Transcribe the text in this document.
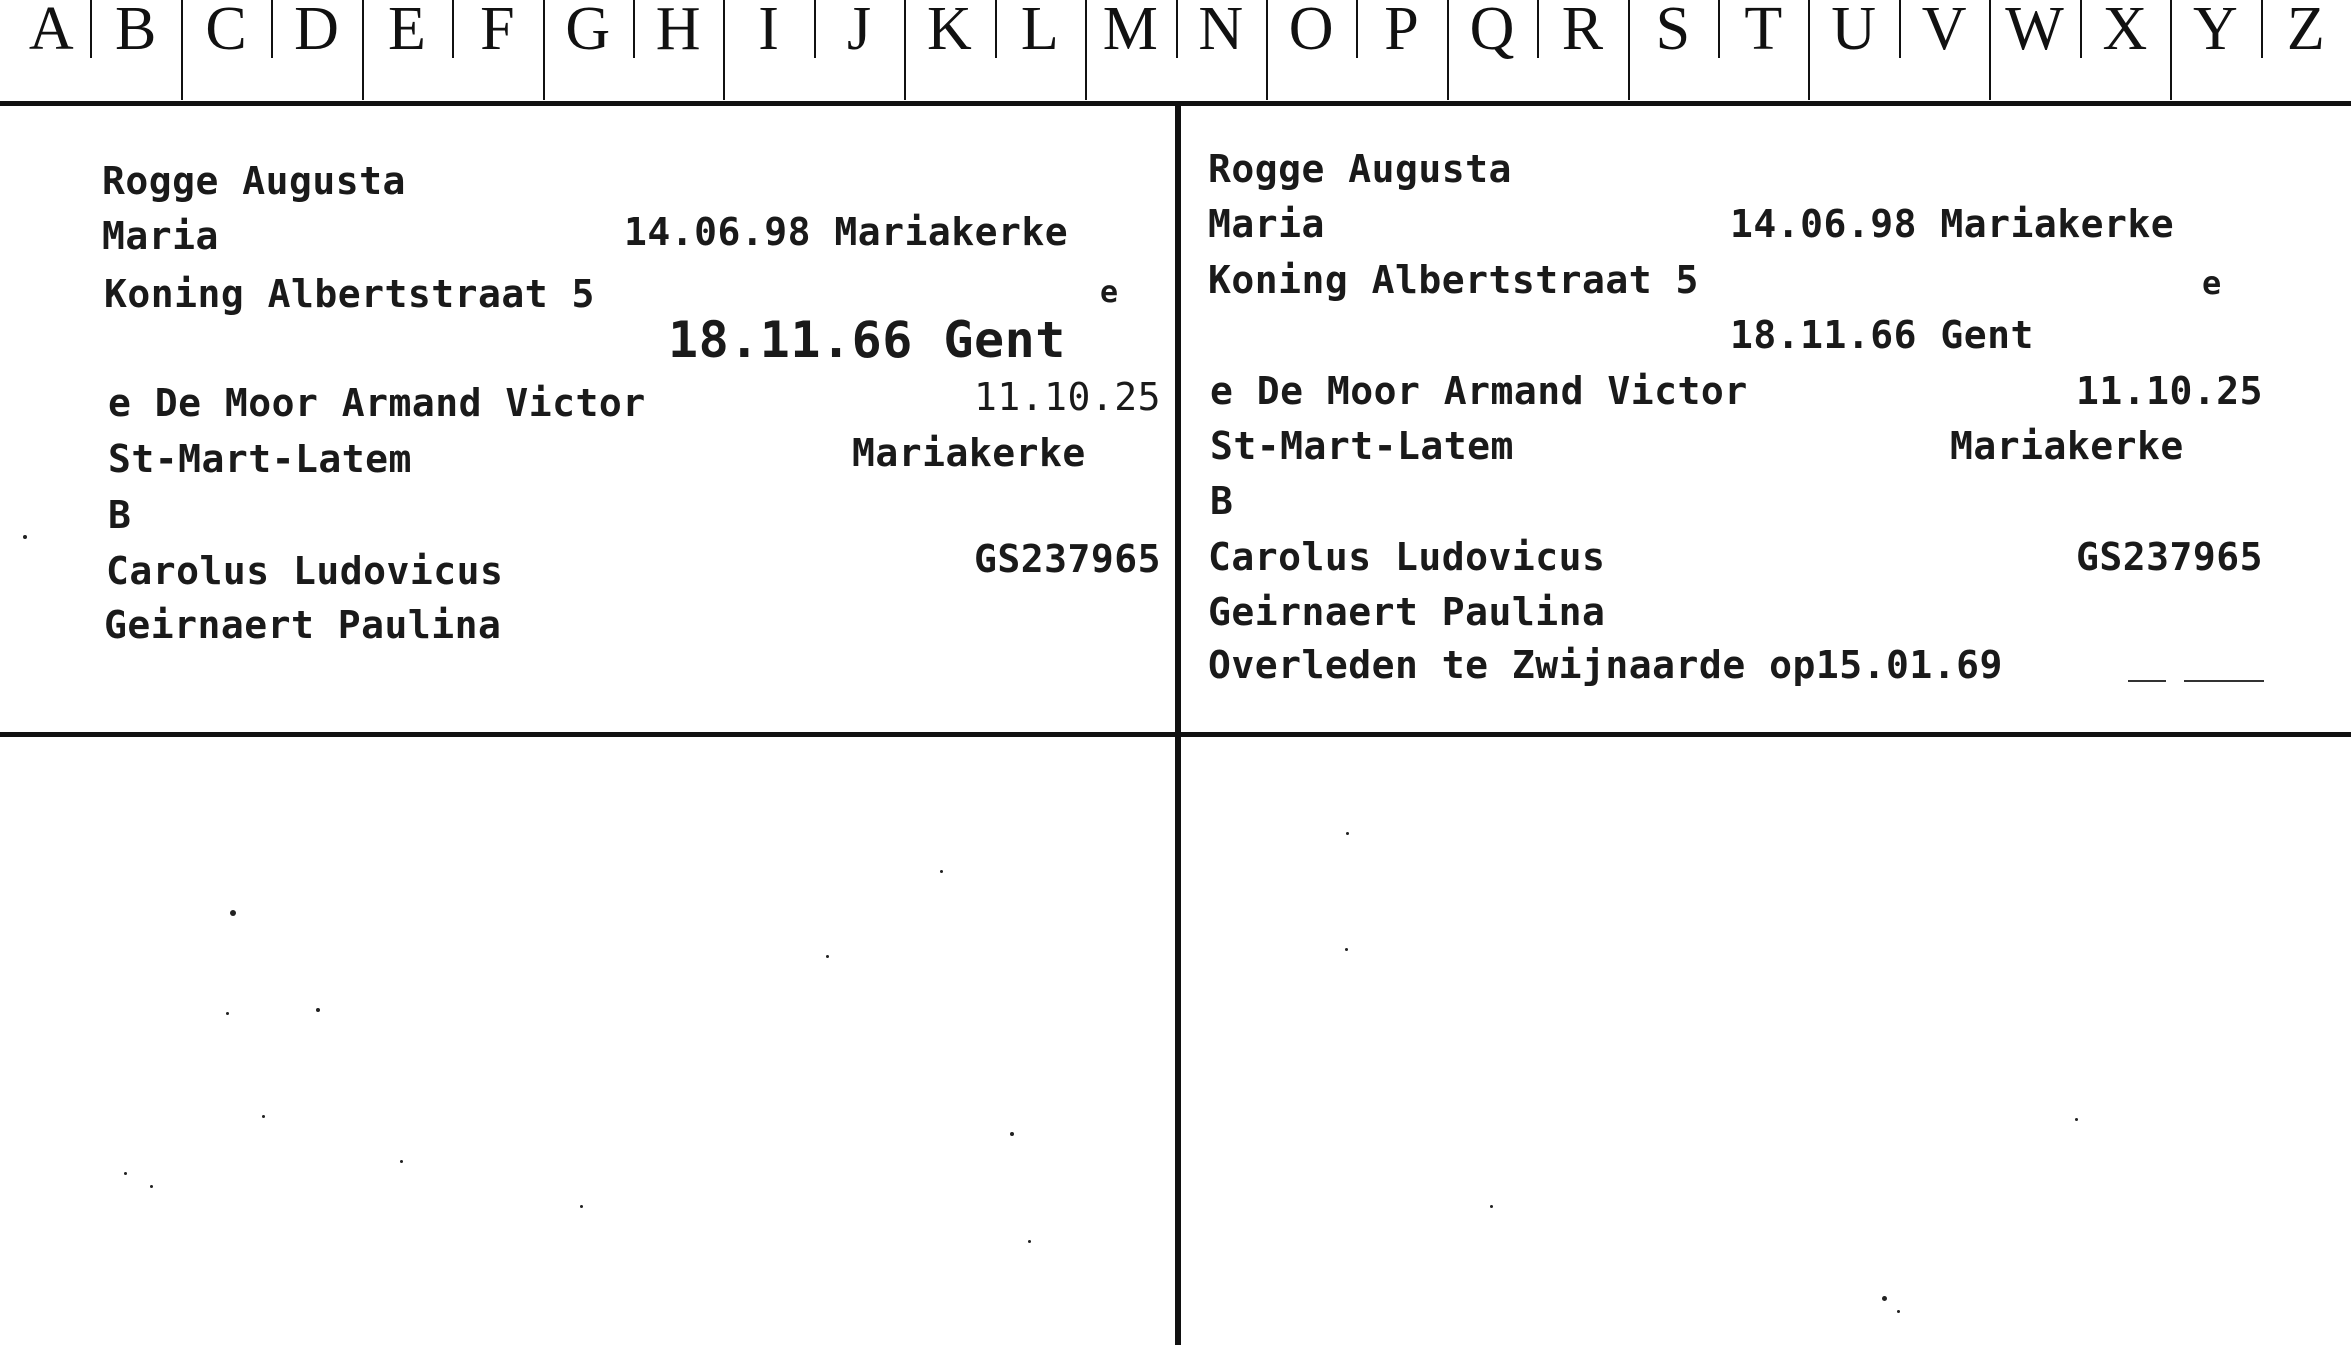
A B C D E F G H I	J K L M N O P Q R S T U V W X Y Z
Rogge Augusta
Maria	14.06.98 Mariakerke
Koning Albertstraat 5	e
18.11.66 Gent
e De Moor Armand Victor	11.10.25
St-Mart-Latem	Mariakerke
B
Carolus Ludovicus	GS237965
Geirnaert Paulina
Rogge Augusta
Maria	14.06.98 Mariakerke
Koning Albertstraat 5	e
18.11.66 Gent
e De Moor Armand Victor	11.10.25
St-Mart-Latem	Mariakerke
B
Carolus Ludovicus	GS237965
Geirnaert Paulina
Overleden te Zwijnaarde op15.01.69
